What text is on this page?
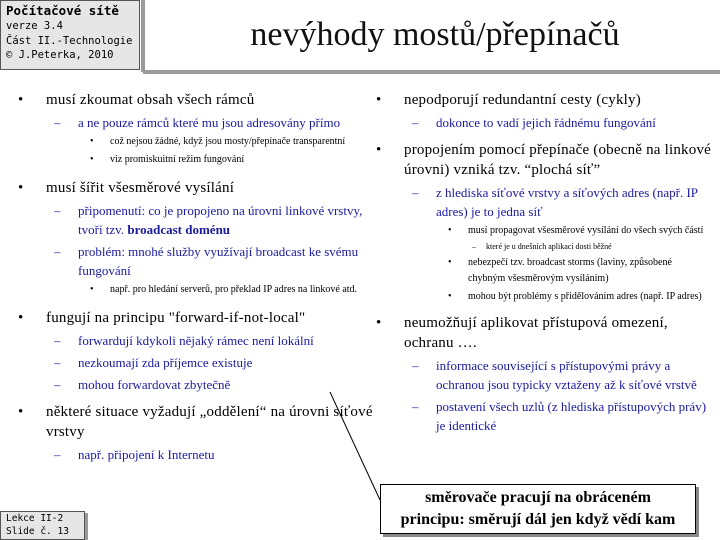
Počítačové sítě
verze 3.4
Část II.-Technologie
© J.Peterka, 2010
nevýhody mostů/přepínačů
• musí zkoumat obsah všech rámců
– a ne pouze rámců které mu jsou adresovány přímo
• což nejsou žádné, když jsou mosty/přepínače transparentní
• viz promiskuitní režim fungování
• musí šířit všesměrové vysílání
– připomenutí: co je propojeno na úrovni linkové vrstvy, tvoří tzv. broadcast doménu
– problém: mnohé služby využívají broadcast ke svému fungování
• např. pro hledání serverů, pro překlad IP adres na linkové atd.
• fungují na principu "forward-if-not-local"
– forwardují kdykoli nějaký rámec není lokální
– nezkoumají zda příjemce existuje
– mohou forwardovat zbytečně
• některé situace vyžadují „oddělení“ na úrovni síťové vrstvy
– např. připojení k Internetu
• nepodporují redundantní cesty (cykly)
– dokonce to vadí jejich řádnému fungování
• propojením pomocí přepínače (obecně na linkové úrovni) vzniká tzv. “plochá síť”
– z hlediska síťové vrstvy a síťových adres (např. IP adres) je to jedna síť
• musí propagovat všesměrové vysílání do všech svých částí
– které je u dnešních aplikací dosti běžné
• nebezpečí tzv. broadcast storms (laviny, způsobené chybným všesměrovým vysíláním)
• mohou být problémy s přidělováním adres (např. IP adres)
• neumožňují aplikovat přístupová omezení, ochranu ….
– informace související s přístupovými právy a ochranou jsou typicky vztaženy až k síťové vrstvě
– postavení všech uzlů (z hlediska přístupových práv) je identické
směrovače pracují na obráceném
principu: směrují dál jen když vědí kam
Lekce II-2
Slide č. 13
